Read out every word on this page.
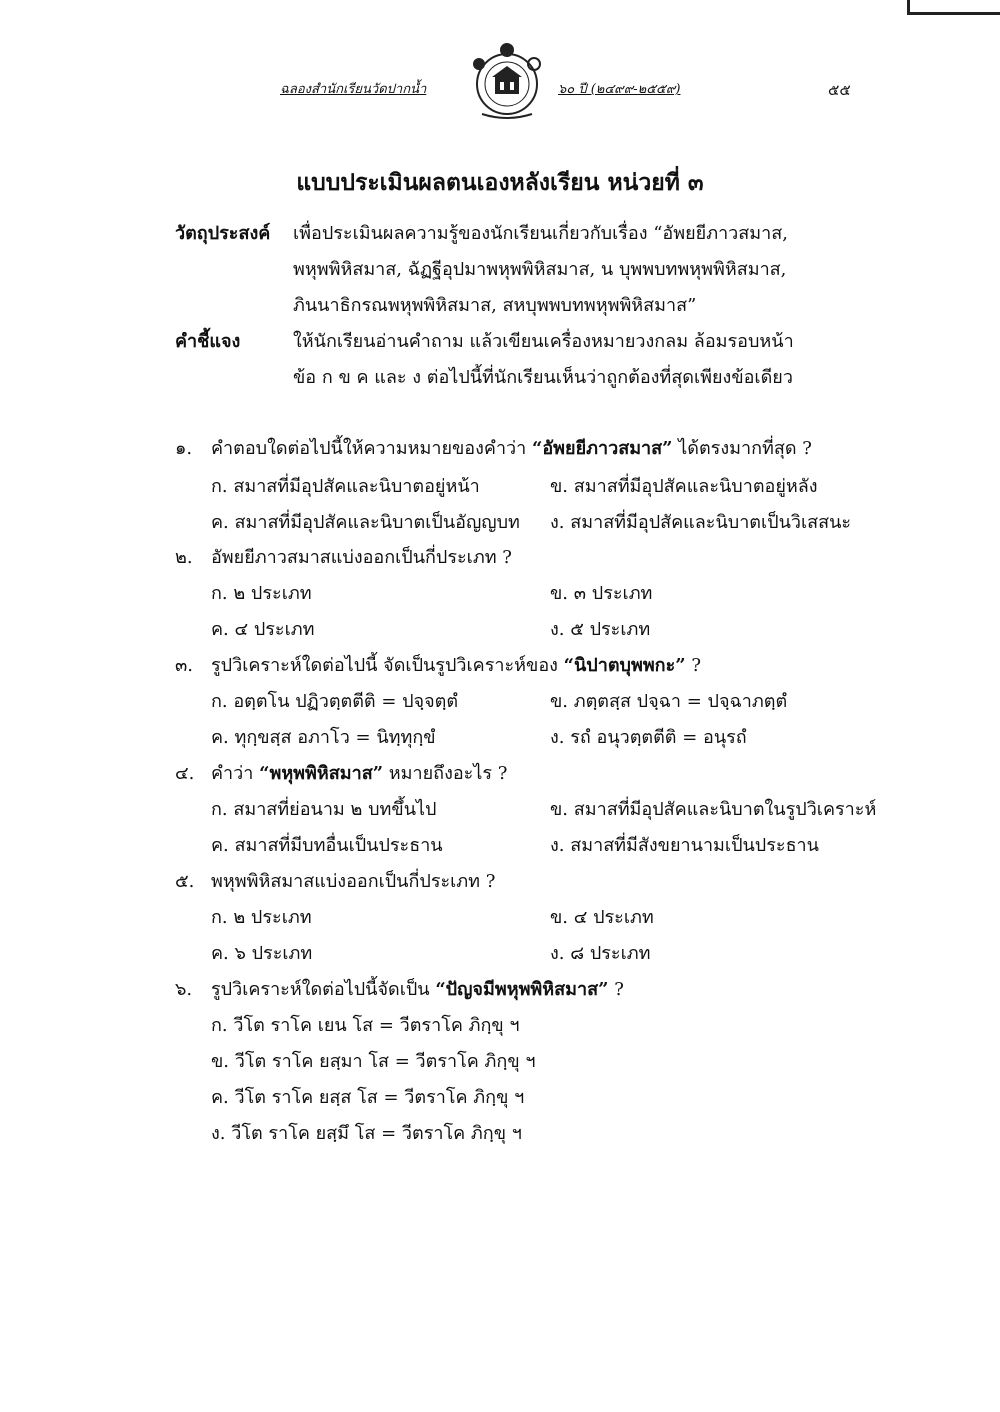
ฉลองสำนักเรียนวัดปากน้ำ	๖๐ ปี (๒๔๙๙-๒๕๕๙)	๕๕
แบบประเมินผลตนเองหลังเรียน หน่วยที่ ๓
วัตถุประสงค์ เพื่อประเมินผลความรู้ของนักเรียนเกี่ยวกับเรื่อง “อัพยยีภาวสมาส,
พหุพพิหิสมาส, ฉัฏฐีอุปมาพหุพพิหิสมาส, น บุพพบทพหุพพิหิสมาส,
ภินนาธิกรณพหุพพิหิสมาส, สหบุพพบทพหุพพิหิสมาส”
คำชี้แจง	ให้นักเรียนอ่านคำถาม แล้วเขียนเครื่องหมายวงกลม ล้อมรอบหน้า
ข้อ ก ข ค และ ง ต่อไปนี้ที่นักเรียนเห็นว่าถูกต้องที่สุดเพียงข้อเดียว
๑. คำตอบใดต่อไปนี้ให้ความหมายของคำว่า “อัพยยีภาวสมาส” ได้ตรงมากที่สุด ?
ก. สมาสที่มีอุปสัคและนิบาตอยู่หน้า	ข. สมาสที่มีอุปสัคและนิบาตอยู่หลัง
ค. สมาสที่มีอุปสัคและนิบาตเป็นอัญญบท ง. สมาสที่มีอุปสัคและนิบาตเป็นวิเสสนะ
๒. อัพยยีภาวสมาสแบ่งออกเป็นกี่ประเภท ?
ก. ๒ ประเภท	ข. ๓ ประเภท
ค. ๔ ประเภท	ง. ๕ ประเภท
๓. รูปวิเคราะห์ใดต่อไปนี้ จัดเป็นรูปวิเคราะห์ของ “นิปาตบุพพกะ” ?
ก. อตฺตโน ปฏิวตฺตตีติ = ปจฺจตฺตํ	ข. ภตฺตสฺส ปจฺฉา = ปจฺฉาภตฺตํ
ค. ทุกฺขสฺส อภาโว = นิทฺทุกฺขํ	ง. รถํ อนุวตฺตตีติ = อนุรถํ
๔. คำว่า “พหุพพิหิสมาส” หมายถึงอะไร ?
ก. สมาสที่ย่อนาม ๒ บทขึ้นไป	ข. สมาสที่มีอุปสัคและนิบาตในรูปวิเคราะห์
ค. สมาสที่มีบทอื่นเป็นประธาน	ง. สมาสที่มีสังขยานามเป็นประธาน
๕. พหุพพิหิสมาสแบ่งออกเป็นกี่ประเภท ?
ก. ๒ ประเภท	ข. ๔ ประเภท
ค. ๖ ประเภท	ง. ๘ ประเภท
๖. รูปวิเคราะห์ใดต่อไปนี้จัดเป็น “ปัญจมีพหุพพิหิสมาส” ?
ก. วีโต ราโค เยน โส = วีตราโค ภิกฺขุ ฯ
ข. วีโต ราโค ยสฺมา โส = วีตราโค ภิกฺขุ ฯ
ค. วีโต ราโค ยสฺส โส = วีตราโค ภิกฺขุ ฯ
ง. วีโต ราโค ยสฺมึ โส = วีตราโค ภิกฺขุ ฯ
